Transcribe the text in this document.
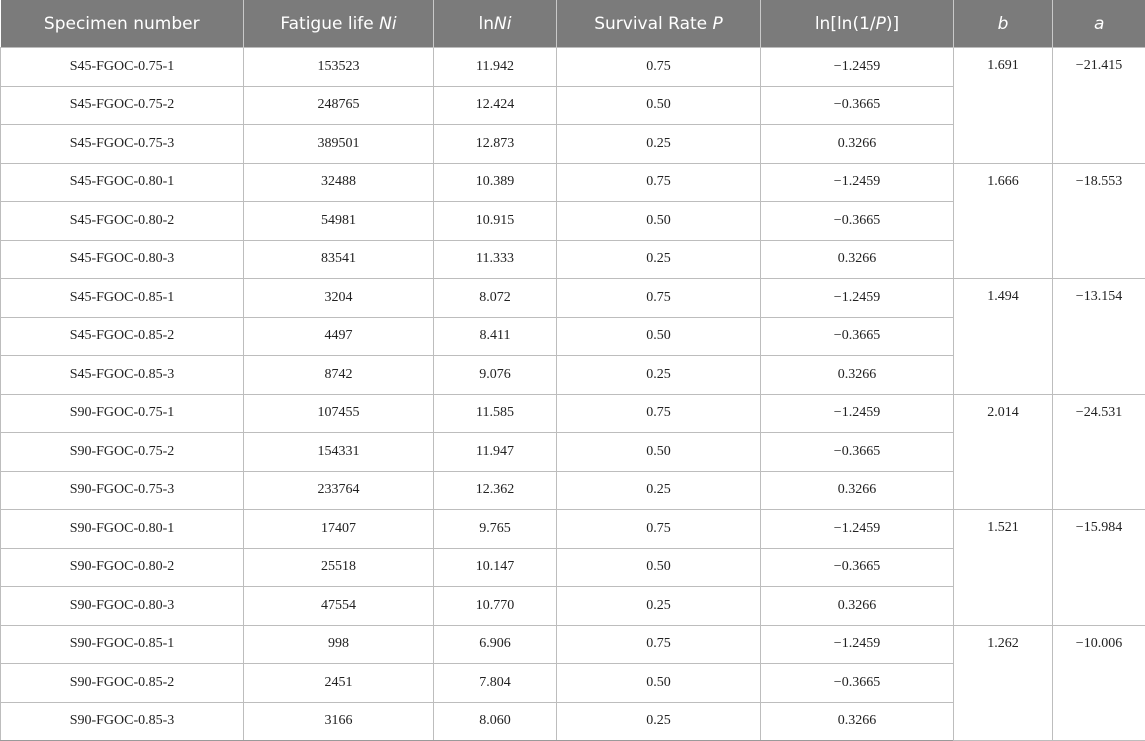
Specimen number	Fatigue life Ni	lnNi	Survival Rate P	ln[ln(1/P)]	b	a
S45-FGOC-0.75-1	153523	11.942	0.75	−1.2459	1.691	−21.415
S45-FGOC-0.75-2	248765	12.424	0.50	−0.3665		
S45-FGOC-0.75-3	389501	12.873	0.25	0.3266		
S45-FGOC-0.80-1	32488	10.389	0.75	−1.2459	1.666	−18.553
S45-FGOC-0.80-2	54981	10.915	0.50	−0.3665		
S45-FGOC-0.80-3	83541	11.333	0.25	0.3266		
S45-FGOC-0.85-1	3204	8.072	0.75	−1.2459	1.494	−13.154
S45-FGOC-0.85-2	4497	8.411	0.50	−0.3665		
S45-FGOC-0.85-3	8742	9.076	0.25	0.3266		
S90-FGOC-0.75-1	107455	11.585	0.75	−1.2459	2.014	−24.531
S90-FGOC-0.75-2	154331	11.947	0.50	−0.3665		
S90-FGOC-0.75-3	233764	12.362	0.25	0.3266		
S90-FGOC-0.80-1	17407	9.765	0.75	−1.2459	1.521	−15.984
S90-FGOC-0.80-2	25518	10.147	0.50	−0.3665		
S90-FGOC-0.80-3	47554	10.770	0.25	0.3266		
S90-FGOC-0.85-1	998	6.906	0.75	−1.2459	1.262	−10.006
S90-FGOC-0.85-2	2451	7.804	0.50	−0.3665		
S90-FGOC-0.85-3	3166	8.060	0.25	0.3266		
